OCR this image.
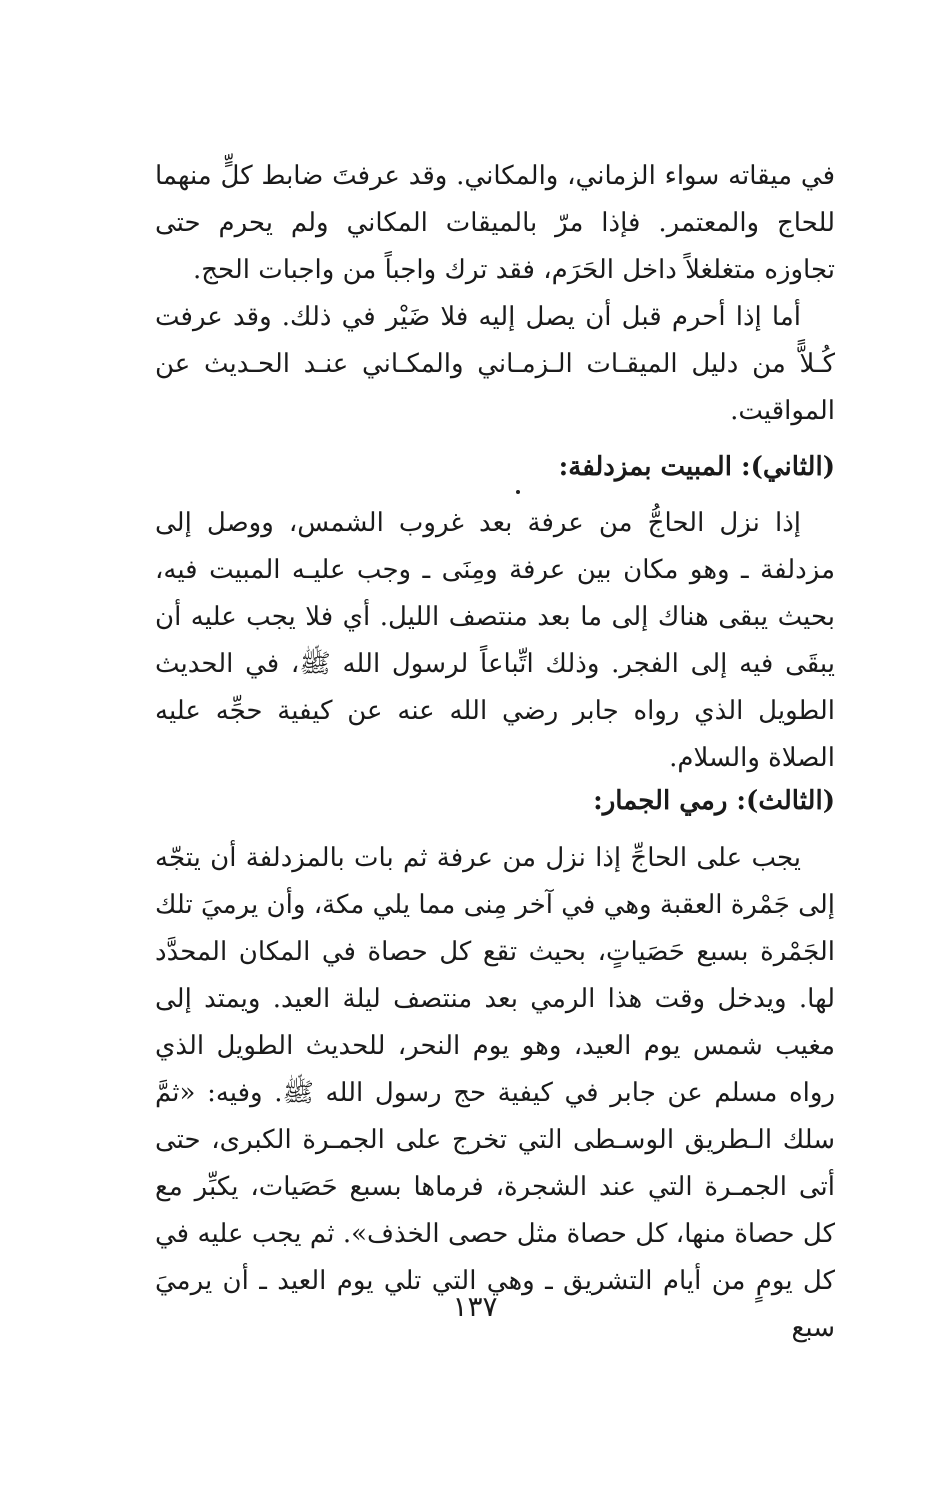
في ميقاته سواء الزماني، والمكاني. وقد عرفتَ ضابط كلٍّ منهما للحاج والمعتمر. فإذا مرّ بالميقات المكاني ولم يحرم حتى تجاوزه متغلغلاً داخل الحَرَم، فقد ترك واجباً من واجبات الحج.

أما إذا أحرم قبل أن يصل إليه فلا ضَيْر في ذلك. وقد عرفت كُـلاًّ من دليل الميقـات الـزمـاني والمكـاني عنـد الحـديث عن المواقيت.

(الثاني): المبيت بمزدلفة:

إذا نزل الحاجُّ من عرفة بعد غروب الشمس، ووصل إلى مزدلفة ـ وهو مكان بين عرفة ومِنَى ـ وجب عليـه المبيت فيه، بحيث يبقى هناك إلى ما بعد منتصف الليل. أي فلا يجب عليه أن يبقَى فيه إلى الفجر. وذلك اتِّباعاً لرسول الله ﷺ، في الحديث الطويل الذي رواه جابر رضي الله عنه عن كيفية حجِّه عليه الصلاة والسلام.

(الثالث): رمي الجمار:

يجب على الحاجِّ إذا نزل من عرفة ثم بات بالمزدلفة أن يتجّه إلى جَمْرة العقبة وهي في آخر مِنى مما يلي مكة، وأن يرميَ تلك الجَمْرة بسبع حَصَياتٍ، بحيث تقع كل حصاة في المكان المحدَّد لها. ويدخل وقت هذا الرمي بعد منتصف ليلة العيد. ويمتد إلى مغيب شمس يوم العيد، وهو يوم النحر، للحديث الطويل الذي رواه مسلم عن جابر في كيفية حج رسول الله ﷺ. وفيه: «ثمَّ سلك الـطريق الوسـطى التي تخرج على الجمـرة الكبرى، حتى أتى الجمـرة التي عند الشجرة، فرماها بسبع حَصَيات، يكبِّر مع كل حصاة منها، كل حصاة مثل حصى الخذف». ثم يجب عليه في كل يومٍ من أيام التشريق ـ وهي التي تلي يوم العيد ـ أن يرميَ سبع

١٣٧
